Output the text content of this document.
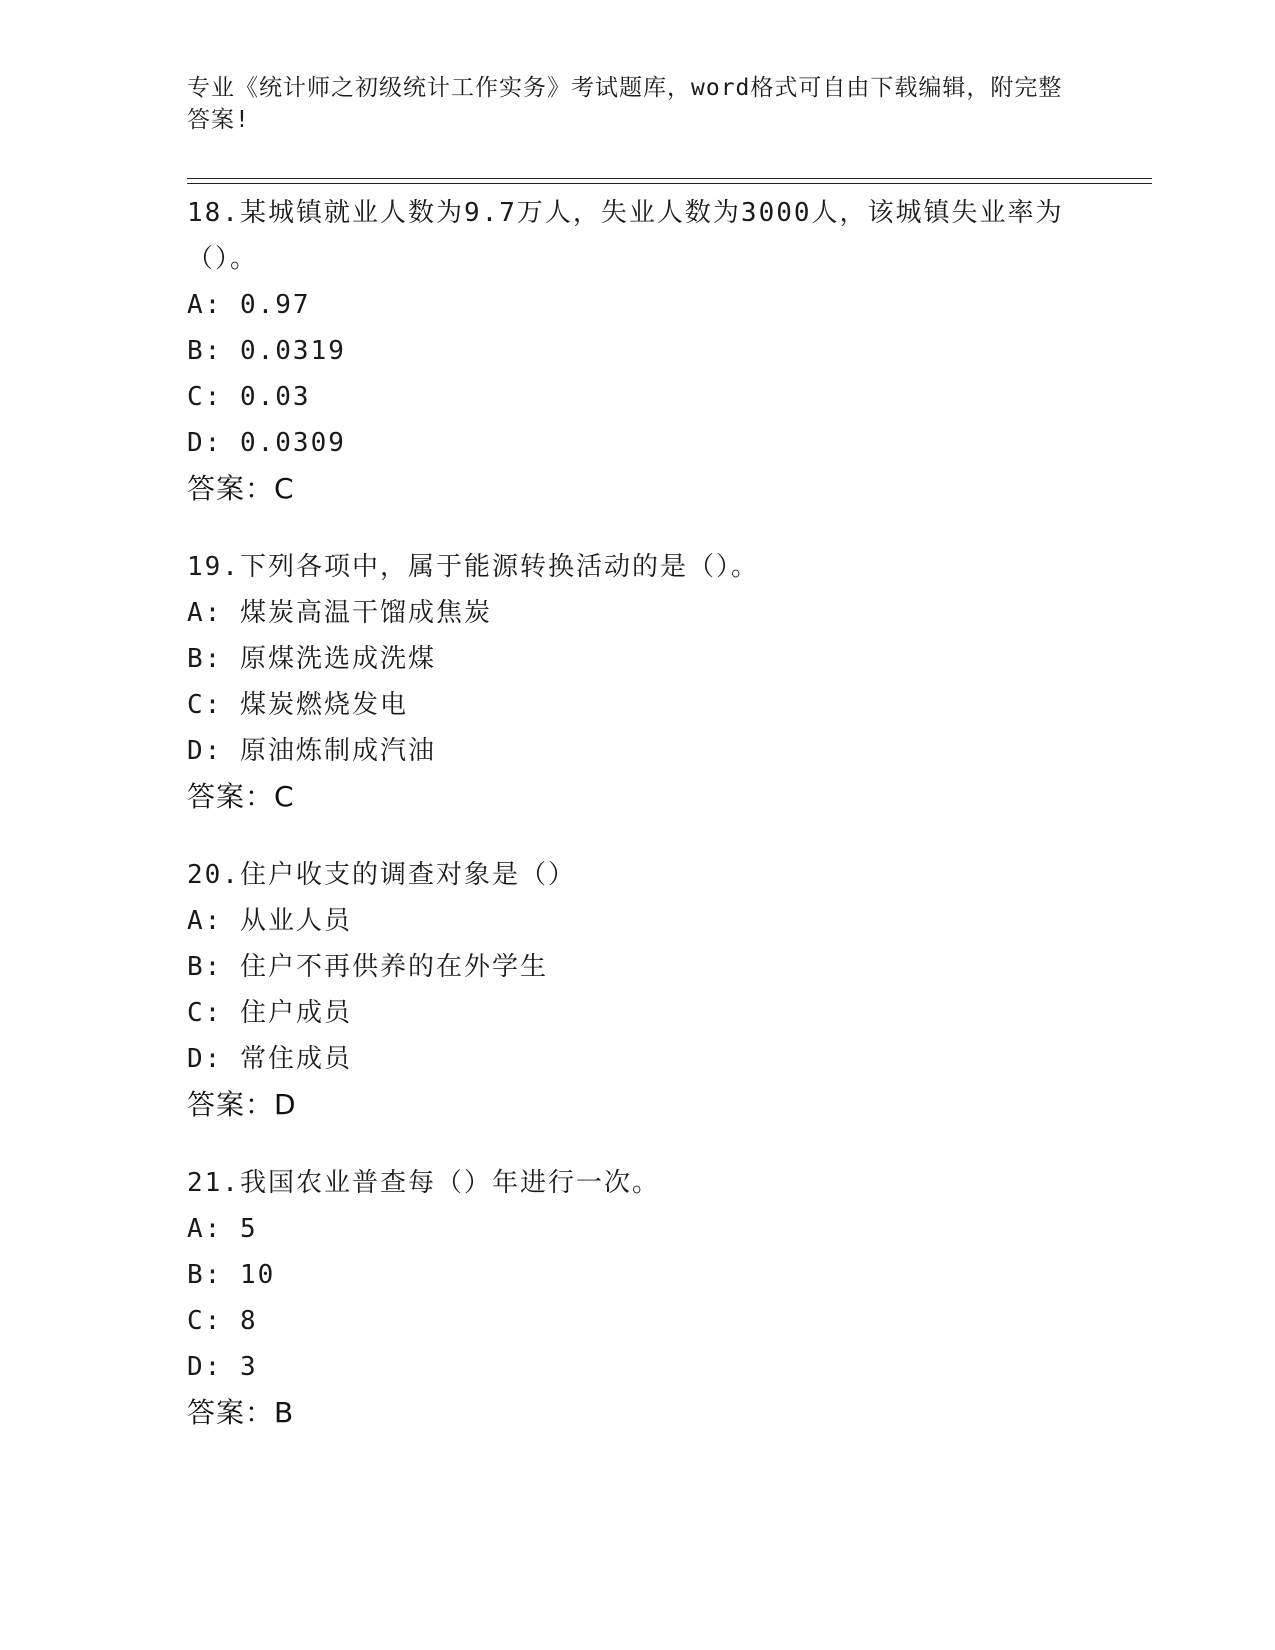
专业《统计师之初级统计工作实务》考试题库，word格式可自由下载编辑，附完整答案!
18.某城镇就业人数为9.7万人，失业人数为3000人，该城镇失业率为（）。
A: 0.97
B: 0.0319
C: 0.03
D: 0.0309
答案：C
19.下列各项中，属于能源转换活动的是（）。
A: 煤炭高温干馏成焦炭
B: 原煤洗选成洗煤
C: 煤炭燃烧发电
D: 原油炼制成汽油
答案：C
20.住户收支的调查对象是（）
A: 从业人员
B: 住户不再供养的在外学生
C: 住户成员
D: 常住成员
答案：D
21.我国农业普查每（）年进行一次。
A: 5
B: 10
C: 8
D: 3
答案：B
